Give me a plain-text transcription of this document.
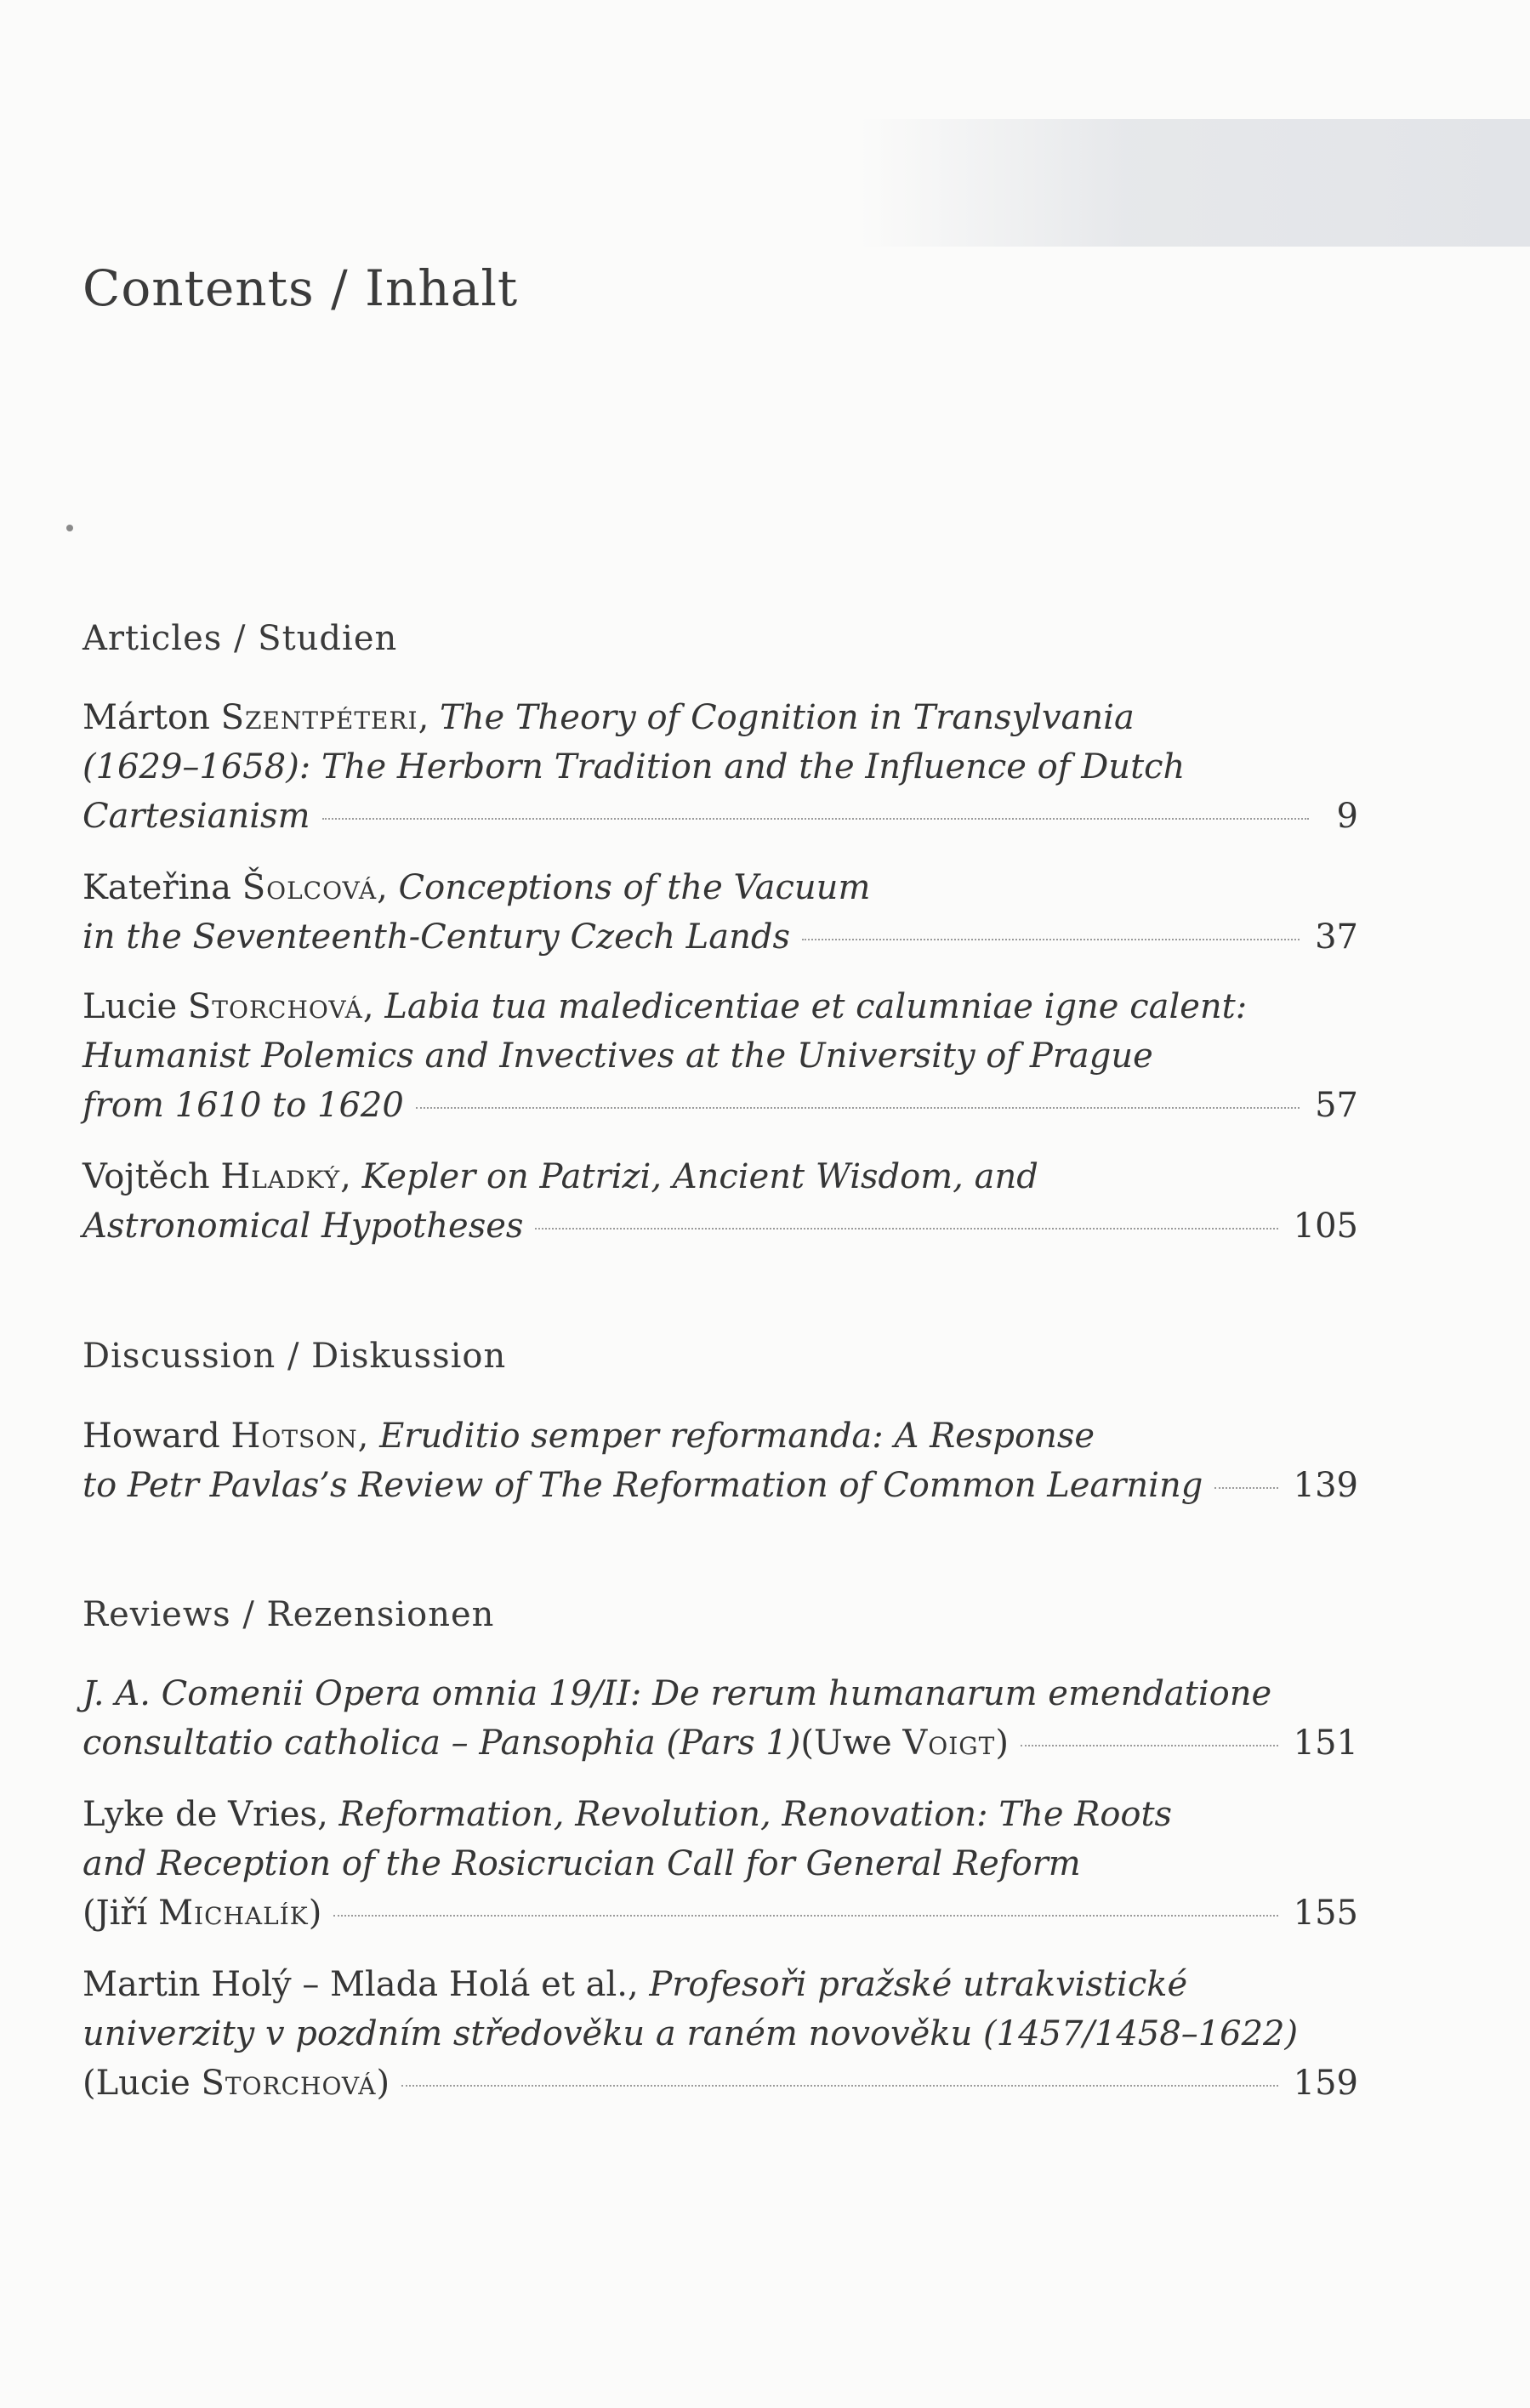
Contents / Inhalt
Articles / Studien
Márton Szentpéteri, The Theory of Cognition in Transylvania
(1629–1658): The Herborn Tradition and the Influence of Dutch
Cartesianism	9
Kateřina Šolcová, Conceptions of the Vacuum
in the Seventeenth-Century Czech Lands	37
Lucie Storchová, Labia tua maledicentiae et calumniae igne calent:
Humanist Polemics and Invectives at the University of Prague
from 1610 to 1620	57
Vojtěch Hladký, Kepler on Patrizi, Ancient Wisdom, and
Astronomical Hypotheses	105
Discussion / Diskussion
Howard Hotson, Eruditio semper reformanda: A Response
to Petr Pavlas’s Review of The Reformation of Common Learning	139
Reviews / Rezensionen
J. A. Comenii Opera omnia 19/II: De rerum humanarum emendatione
consultatio catholica – Pansophia (Pars 1) (Uwe Voigt)	151
Lyke de Vries, Reformation, Revolution, Renovation: The Roots
and Reception of the Rosicrucian Call for General Reform
(Jiří Michalík)	155
Martin Holý – Mlada Holá et al., Profesoři pražské utrakvistické
univerzity v pozdním středověku a raném novověku (1457/1458–1622)
(Lucie Storchová)	159
